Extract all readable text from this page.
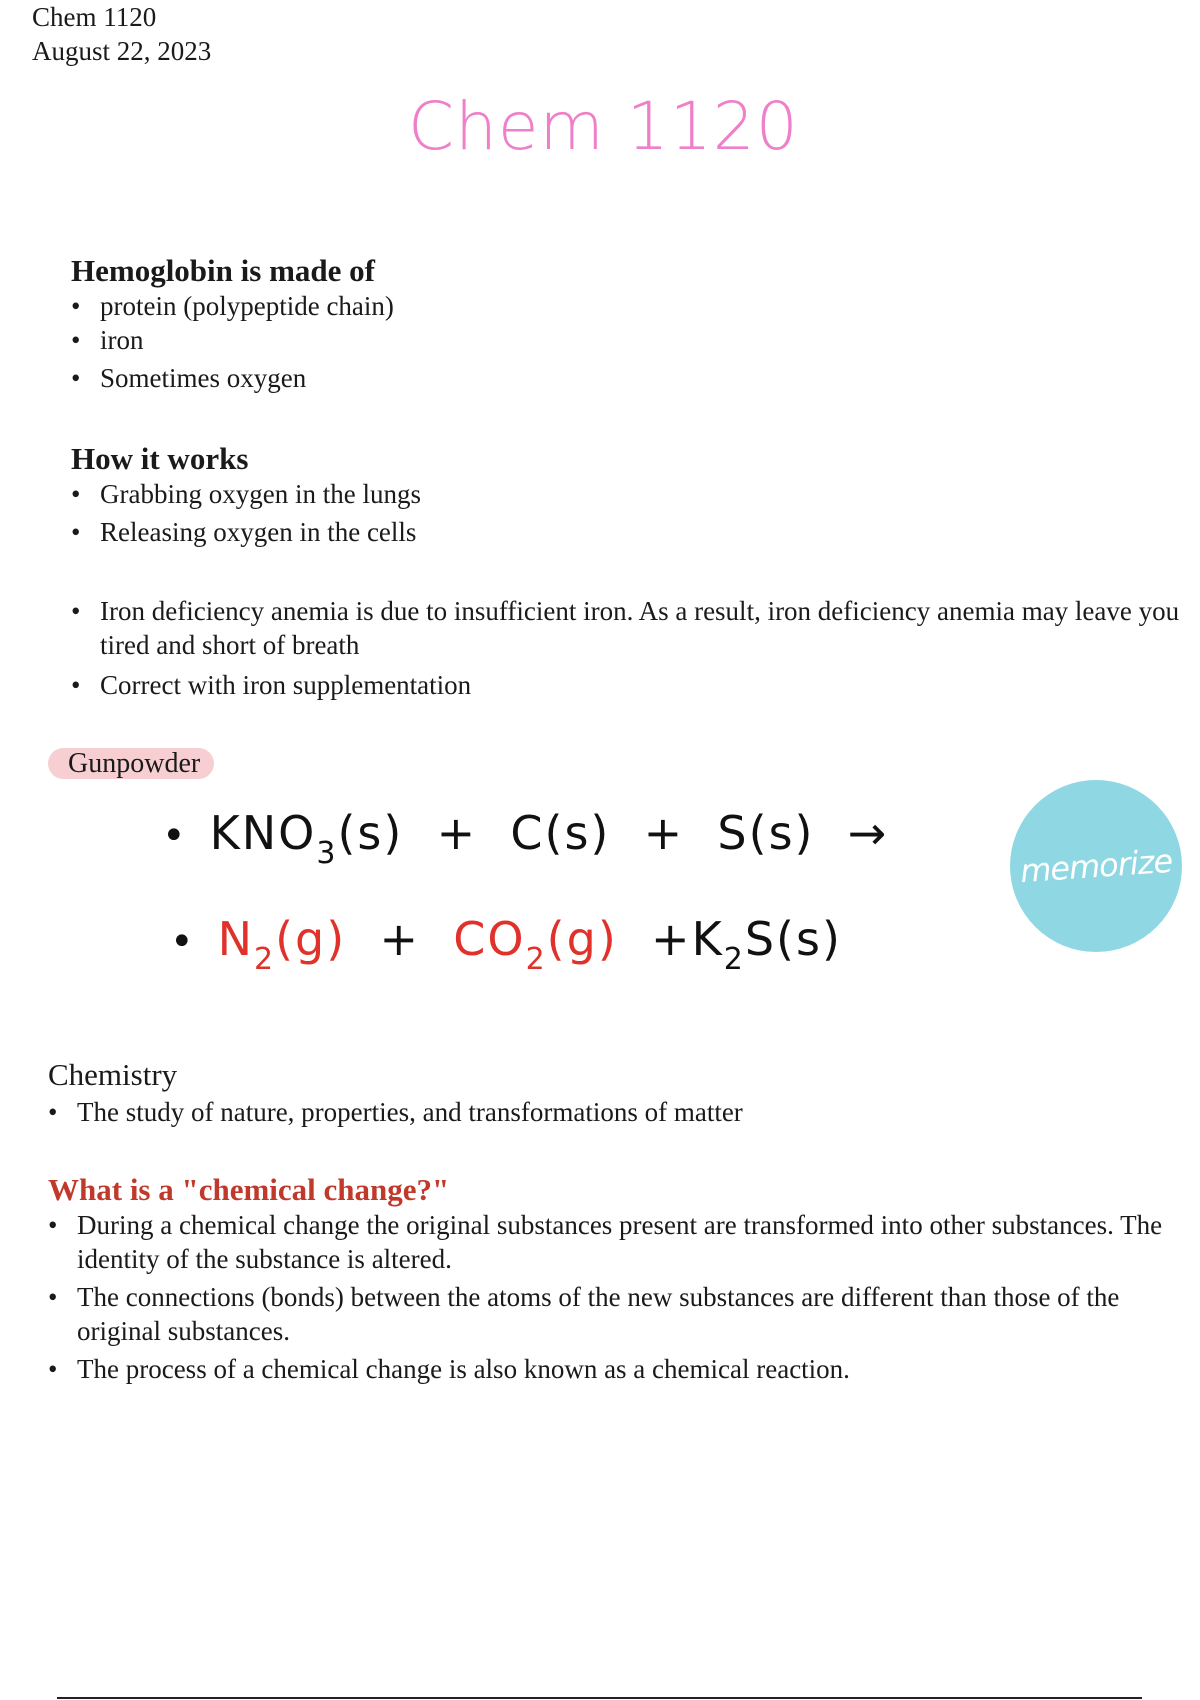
Chem 1120
August 22, 2023
Chem 1120
Hemoglobin is made of
• protein (polypeptide chain)
• iron
• Sometimes oxygen
How it works
• Grabbing oxygen in the lungs
• Releasing oxygen in the cells
• Iron deficiency anemia is due to insufficient iron. As a result, iron deficiency anemia may leave you tired and short of breath
• Correct with iron supplementation
Gunpowder
• $KNO_3(s) + C(s) + S(s)$ →
• $N_2(g) + CO_2(g) +K_2S(s)$
memorize
Chemistry
• The study of nature, properties, and transformations of matter
What is a "chemical change?"
• During a chemical change the original substances present are transformed into other substances. The identity of the substance is altered.
• The connections (bonds) between the atoms of the new substances are different than those of the original substances.
• The process of a chemical change is also known as a chemical reaction.
